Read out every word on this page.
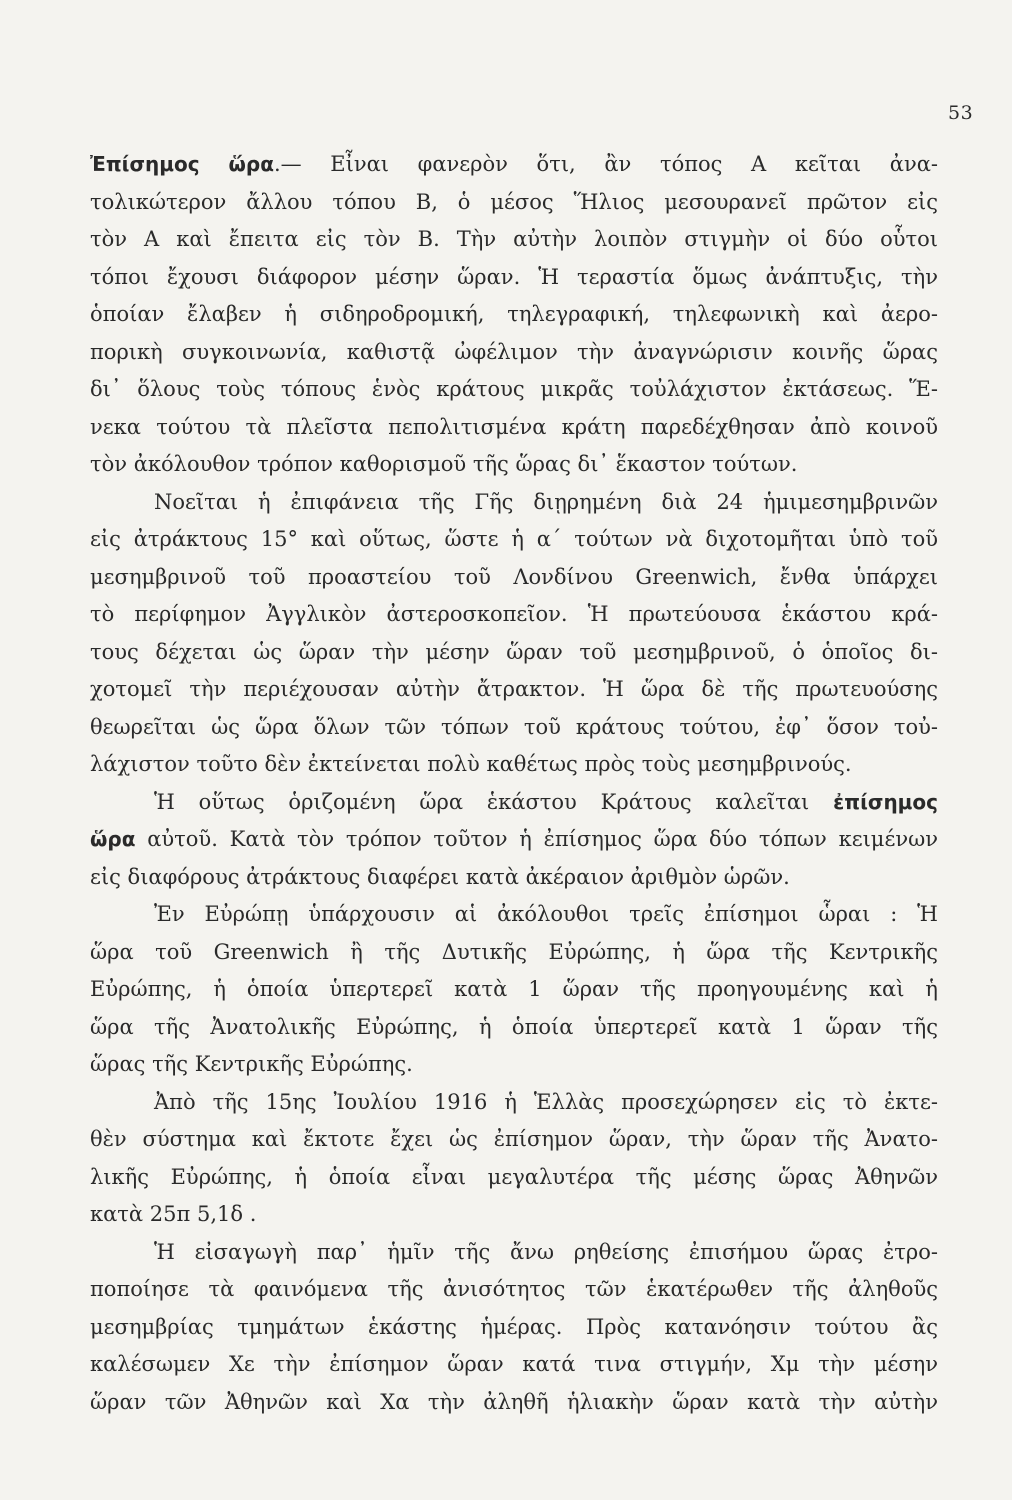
53
Ἐπίσημος ὥρα.— Εἶναι φανερὸν ὅτι, ἂν τόπος Α κεῖται ἀνα-
τολικώτερον ἄλλου τόπου Β, ὁ μέσος Ἥλιος μεσουρανεῖ πρῶτον εἰς
τὸν Α καὶ ἔπειτα εἰς τὸν Β. Τὴν αὐτὴν λοιπὸν στιγμὴν οἱ δύο οὗτοι
τόποι ἔχουσι διάφορον μέσην ὥραν. Ἡ τεραστία ὅμως ἀνάπτυξις, τὴν
ὁποίαν ἔλαβεν ἡ σιδηροδρομική, τηλεγραφική, τηλεφωνικὴ καὶ ἀερο-
πορικὴ συγκοινωνία, καθιστᾷ ὠφέλιμον τὴν ἀναγνώρισιν κοινῆς ὥρας
δι᾽ ὅλους τοὺς τόπους ἑνὸς κράτους μικρᾶς τοὐλάχιστον ἐκτάσεως. Ἕ-
νεκα τούτου τὰ πλεῖστα πεπολιτισμένα κράτη παρεδέχθησαν ἀπὸ κοινοῦ
τὸν ἀκόλουθον τρόπον καθορισμοῦ τῆς ὥρας δι᾽ ἕκαστον τούτων.
Νοεῖται ἡ ἐπιφάνεια τῆς Γῆς διῃρημένη διὰ 24 ἡμιμεσημβρινῶν
εἰς ἀτράκτους 15° καὶ οὕτως, ὥστε ἡ α´ τούτων νὰ διχοτομῆται ὑπὸ τοῦ
μεσημβρινοῦ τοῦ προαστείου τοῦ Λονδίνου Greenwich, ἔνθα ὑπάρχει
τὸ περίφημον Ἀγγλικὸν ἀστεροσκοπεῖον. Ἡ πρωτεύουσα ἑκάστου κρά-
τους δέχεται ὡς ὥραν τὴν μέσην ὥραν τοῦ μεσημβρινοῦ, ὁ ὁποῖος δι-
χοτομεῖ τὴν περιέχουσαν αὐτὴν ἄτρακτον. Ἡ ὥρα δὲ τῆς πρωτευούσης
θεωρεῖται ὡς ὥρα ὅλων τῶν τόπων τοῦ κράτους τούτου, ἐφ᾽ ὅσον τοὐ-
λάχιστον τοῦτο δὲν ἐκτείνεται πολὺ καθέτως πρὸς τοὺς μεσημβρινούς.
Ἡ οὕτως ὁριζομένη ὥρα ἑκάστου Κράτους καλεῖται ἐπίσημος
ὥρα αὐτοῦ. Κατὰ τὸν τρόπον τοῦτον ἡ ἐπίσημος ὥρα δύο τόπων κειμένων
εἰς διαφόρους ἀτράκτους διαφέρει κατὰ ἀκέραιον ἀριθμὸν ὡρῶν.
Ἐν Εὐρώπῃ ὑπάρχουσιν αἱ ἀκόλουθοι τρεῖς ἐπίσημοι ὧραι : Ἡ
ὥρα τοῦ Greenwich ἢ τῆς Δυτικῆς Εὐρώπης, ἡ ὥρα τῆς Κεντρικῆς
Εὐρώπης, ἡ ὁποία ὑπερτερεῖ κατὰ 1 ὥραν τῆς προηγουμένης καὶ ἡ
ὥρα τῆς Ἀνατολικῆς Εὐρώπης, ἡ ὁποία ὑπερτερεῖ κατὰ 1 ὥραν τῆς
ὥρας τῆς Κεντρικῆς Εὐρώπης.
Ἀπὸ τῆς 15ης Ἰουλίου 1916 ἡ Ἑλλὰς προσεχώρησεν εἰς τὸ ἐκτε-
θὲν σύστημα καὶ ἔκτοτε ἔχει ὡς ἐπίσημον ὥραν, τὴν ὥραν τῆς Ἀνατο-
λικῆς Εὐρώπης, ἡ ὁποία εἶναι μεγαλυτέρα τῆς μέσης ὥρας Ἀθηνῶν
κατὰ 25π 5,1δ .
Ἡ εἰσαγωγὴ παρ᾽ ἡμῖν τῆς ἄνω ρηθείσης ἐπισήμου ὥρας ἐτρο-
ποποίησε τὰ φαινόμενα τῆς ἀνισότητος τῶν ἑκατέρωθεν τῆς ἀληθοῦς
μεσημβρίας τμημάτων ἑκάστης ἡμέρας. Πρὸς κατανόησιν τούτου ἂς
καλέσωμεν Χε τὴν ἐπίσημον ὥραν κατά τινα στιγμήν, Χμ τὴν μέσην
ὥραν τῶν Ἀθηνῶν καὶ Χα τὴν ἀληθῆ ἡλιακὴν ὥραν κατὰ τὴν αὐτὴν
